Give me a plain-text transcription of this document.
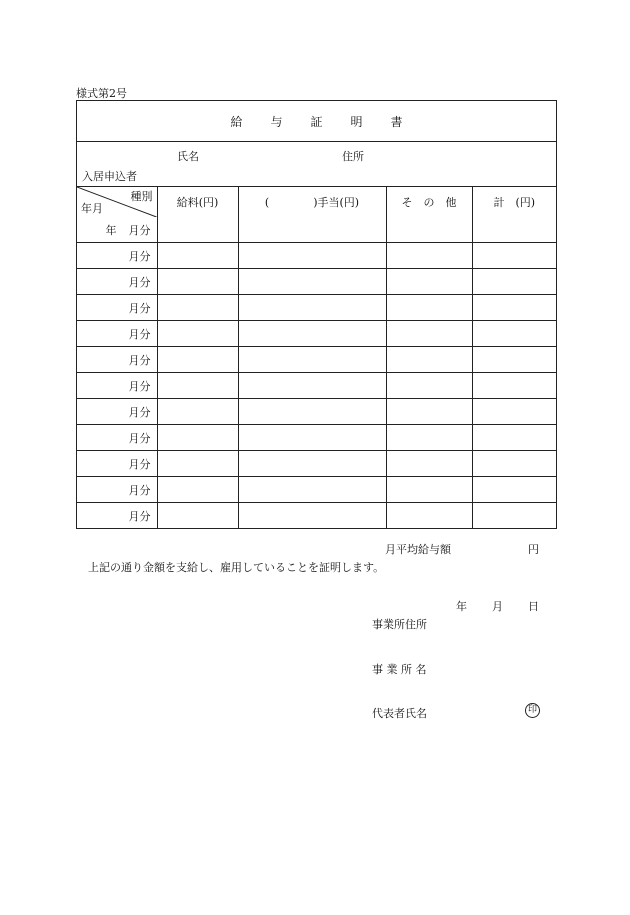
様式第2号
給 与 証 明 書
氏名	住所
入居申込者
種別
年月	給料(円)	(　　　　)手当(円)	そ　の　他	計　(円)
年 月分				
月分				
月分				
月分				
月分				
月分				
月分				
月分				
月分				
月分				
月分				
月分				
月平均給与額	円
上記の通り金額を支給し、雇用していることを証明します。
年 月 日
事業所住所
事 業 所 名
代表者氏名	印
